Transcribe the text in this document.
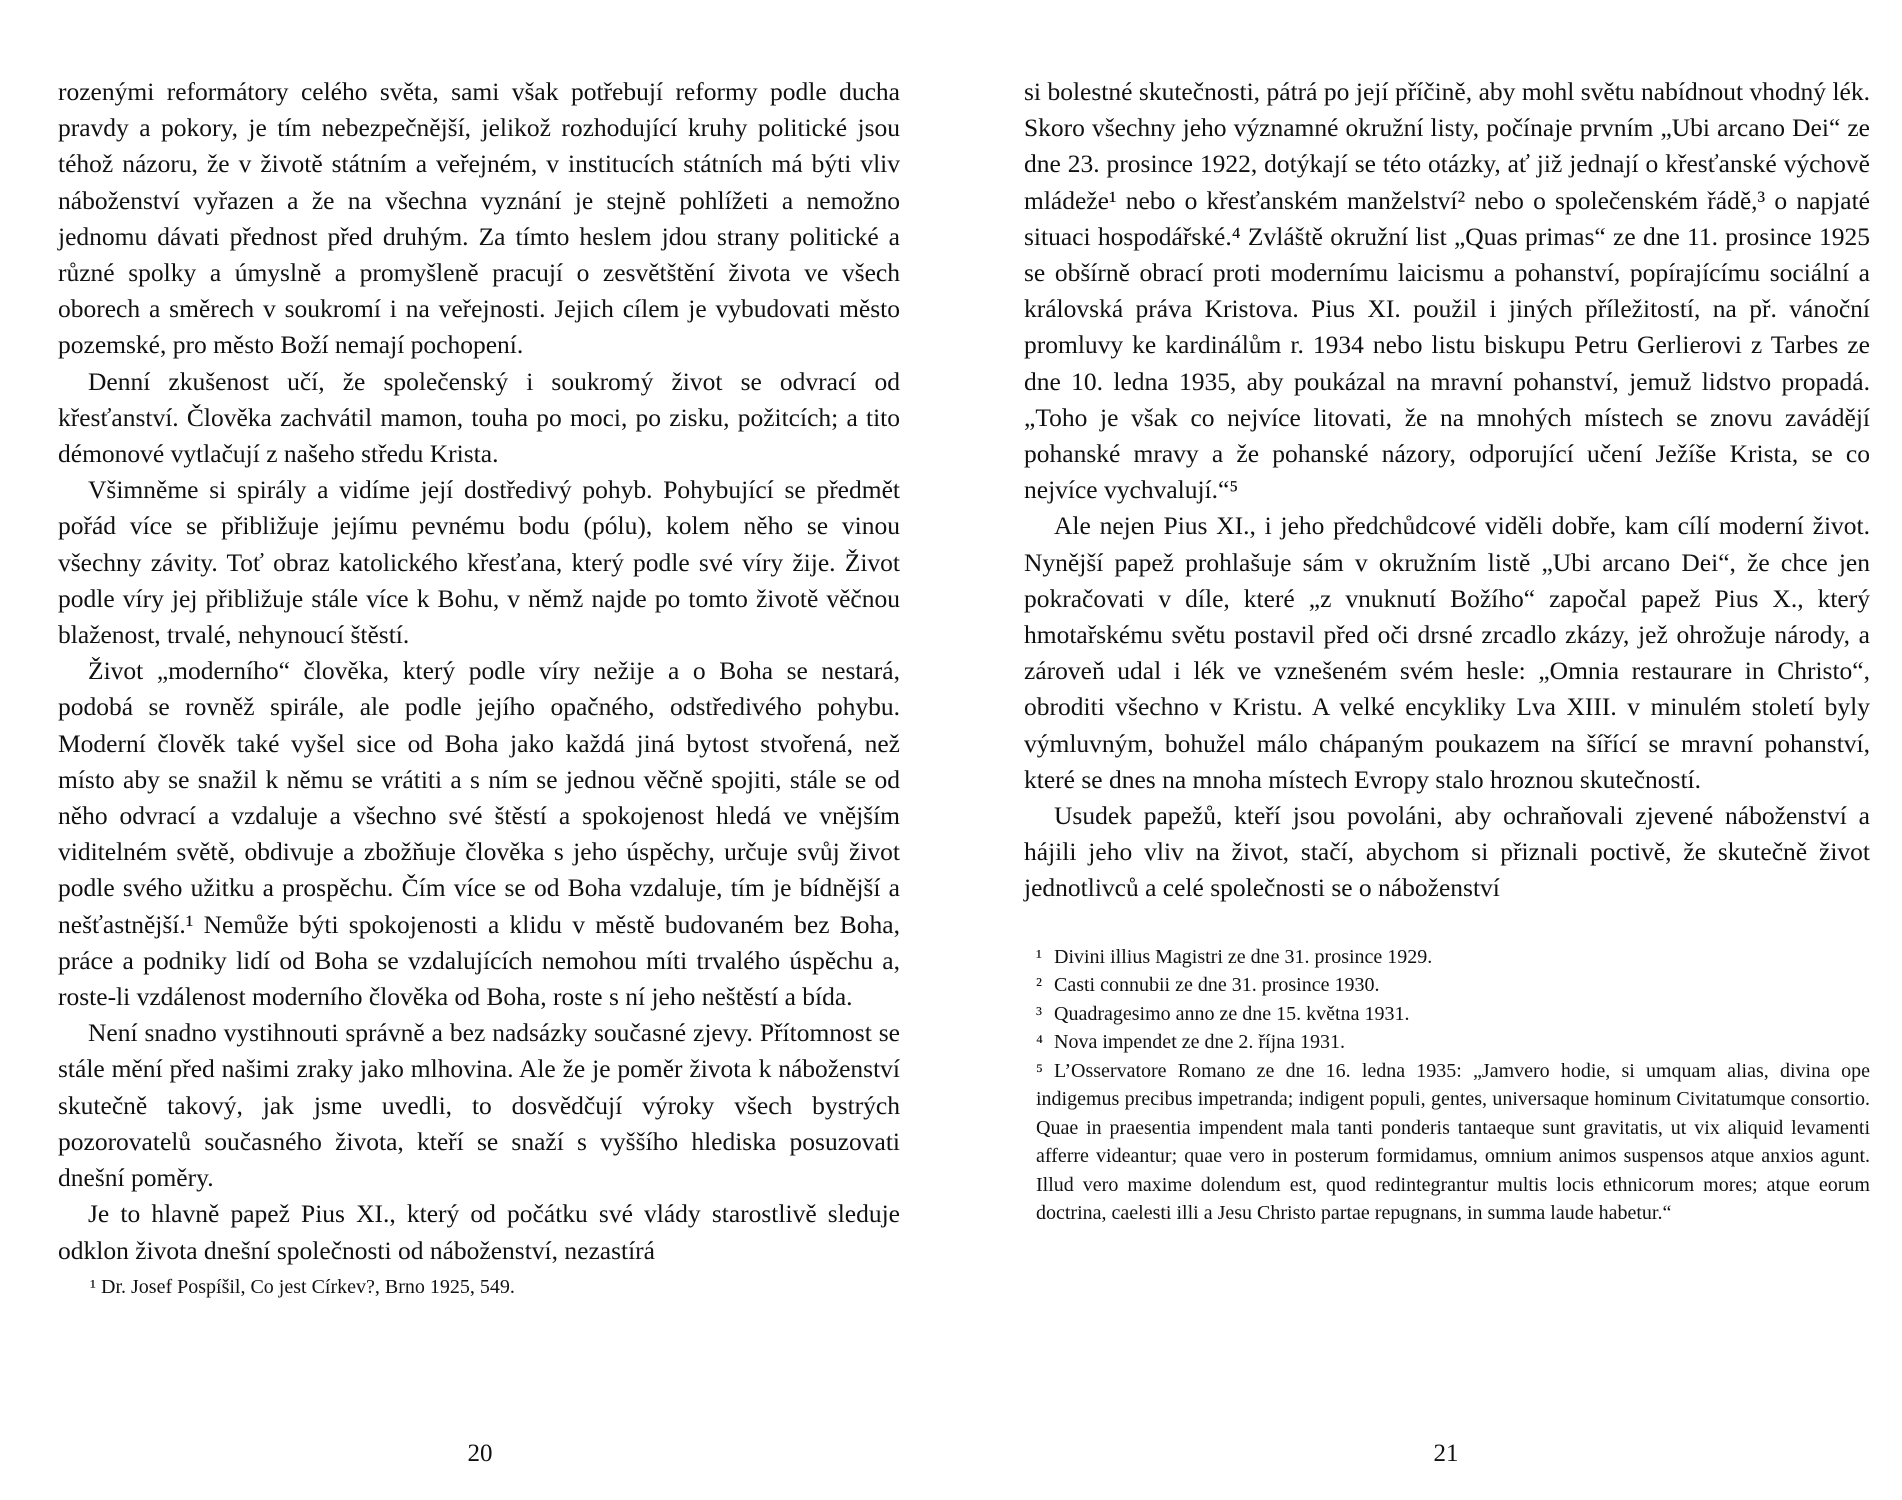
rozenými reformátory celého světa, sami však potřebují reformy podle ducha pravdy a pokory, je tím nebezpečnější, jelikož rozhodující kruhy politické jsou téhož názoru, že v životě státním a veřejném, v institucích státních má býti vliv náboženství vyřazen a že na všechna vyznání je stejně pohlížeti a nemožno jednomu dávati přednost před druhým. Za tímto heslem jdou strany politické a různé spolky a úmyslně a promyšleně pracují o zesvětštění života ve všech oborech a směrech v soukromí i na veřejnosti. Jejich cílem je vybudovati město pozemské, pro město Boží nemají pochopení.

Denní zkušenost učí, že společenský i soukromý život se odvrací od křesťanství. Člověka zachvátil mamon, touha po moci, po zisku, požitcích; a tito démonové vytlačují z našeho středu Krista.

Všimněme si spirály a vidíme její dostředivý pohyb. Pohybující se předmět pořád více se přibližuje jejímu pevnému bodu (pólu), kolem něho se vinou všechny závity. Toť obraz katolického křesťana, který podle své víry žije. Život podle víry jej přibližuje stále více k Bohu, v němž najde po tomto životě věčnou blaženost, trvalé, nehynoucí štěstí.

Život „moderního“ člověka, který podle víry nežije a o Boha se nestará, podobá se rovněž spirále, ale podle jejího opačného, odstředivého pohybu. Moderní člověk také vyšel sice od Boha jako každá jiná bytost stvořená, než místo aby se snažil k němu se vrátiti a s ním se jednou věčně spojiti, stále se od něho odvrací a vzdaluje a všechno své štěstí a spokojenost hledá ve vnějším viditelném světě, obdivuje a zbožňuje člověka s jeho úspěchy, určuje svůj život podle svého užitku a prospěchu. Čím více se od Boha vzdaluje, tím je bídnější a nešťastnější.¹ Nemůže býti spokojenosti a klidu v městě budovaném bez Boha, práce a podniky lidí od Boha se vzdalujících nemohou míti trvalého úspěchu a, roste-li vzdálenost moderního člověka od Boha, roste s ní jeho neštěstí a bída.

Není snadno vystihnouti správně a bez nadsázky současné zjevy. Přítomnost se stále mění před našimi zraky jako mlhovina. Ale že je poměr života k náboženství skutečně takový, jak jsme uvedli, to dosvědčují výroky všech bystrých pozorovatelů současného života, kteří se snaží s vyššího hlediska posuzovati dnešní poměry.

Je to hlavně papež Pius XI., který od počátku své vlády starostlivě sleduje odklon života dnešní společnosti od náboženství, nezastírá

¹ Dr. Josef Pospíšil, Co jest Církev?, Brno 1925, 549.

si bolestné skutečnosti, pátrá po její příčině, aby mohl světu nabídnout vhodný lék. Skoro všechny jeho významné okružní listy, počínaje prvním „Ubi arcano Dei“ ze dne 23. prosince 1922, dotýkají se této otázky, ať již jednají o křesťanské výchově mládeže¹ nebo o křesťanském manželství² nebo o společenském řádě,³ o napjaté situaci hospodářské.⁴ Zvláště okružní list „Quas primas“ ze dne 11. prosince 1925 se obšírně obrací proti modernímu laicismu a pohanství, popírajícímu sociální a královská práva Kristova. Pius XI. použil i jiných příležitostí, na př. vánoční promluvy ke kardinálům r. 1934 nebo listu biskupu Petru Gerlierovi z Tarbes ze dne 10. ledna 1935, aby poukázal na mravní pohanství, jemuž lidstvo propadá. „Toho je však co nejvíce litovati, že na mnohých místech se znovu zavádějí pohanské mravy a že pohanské názory, odporující učení Ježíše Krista, se co nejvíce vychvalují.“⁵

Ale nejen Pius XI., i jeho předchůdcové viděli dobře, kam cílí moderní život. Nynější papež prohlašuje sám v okružním listě „Ubi arcano Dei“, že chce jen pokračovati v díle, které „z vnuknutí Božího“ započal papež Pius X., který hmotařskému světu postavil před oči drsné zrcadlo zkázy, jež ohrožuje národy, a zároveň udal i lék ve vznešeném svém hesle: „Omnia restaurare in Christo“, obroditi všechno v Kristu. A velké encykliky Lva XIII. v minulém století byly výmluvným, bohužel málo chápaným poukazem na šířící se mravní pohanství, které se dnes na mnoha místech Evropy stalo hroznou skutečností.

Usudek papežů, kteří jsou povoláni, aby ochraňovali zjevené náboženství a hájili jeho vliv na život, stačí, abychom si přiznali poctivě, že skutečně život jednotlivců a celé společnosti se o náboženství

¹ Divini illius Magistri ze dne 31. prosince 1929.

² Casti connubii ze dne 31. prosince 1930.

³ Quadragesimo anno ze dne 15. května 1931.

⁴ Nova impendet ze dne 2. října 1931.

⁵ L’Osservatore Romano ze dne 16. ledna 1935: „Jamvero hodie, si umquam alias, divina ope indigemus precibus impetranda; indigent populi, gentes, universaque hominum Civitatumque consortio. Quae in praesentia impendent mala tanti ponderis tantaeque sunt gravitatis, ut vix aliquid levamenti afferre videantur; quae vero in posterum formidamus, omnium animos suspensos atque anxios agunt. Illud vero maxime dolendum est, quod redintegrantur multis locis ethnicorum mores; atque eorum doctrina, caelesti illi a Jesu Christo partae repugnans, in summa laude habetur.“

20	21
